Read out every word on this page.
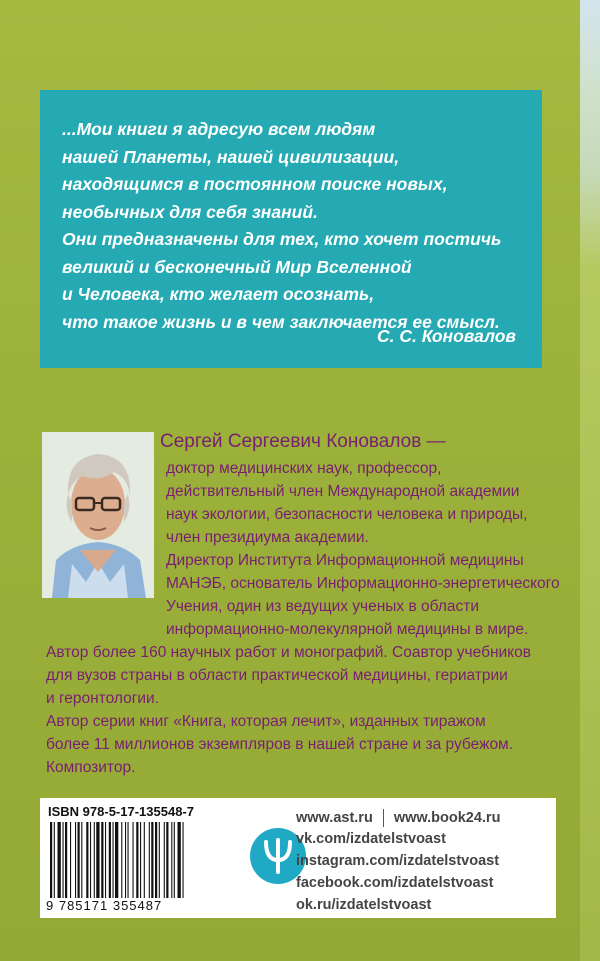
...Мои книги я адресую всем людям
нашей Планеты, нашей цивилизации,
находящимся в постоянном поиске новых,
необычных для себя знаний.
Они предназначены для тех, кто хочет постичь
великий и бесконечный Мир Вселенной
и Человека, кто желает осознать,
что такое жизнь и в чем заключается ее смысл.

С. С. Коновалов
Сергей Сергеевич Коновалов —
доктор медицинских наук, профессор,
действительный член Международной академии
наук экологии, безопасности человека и природы,
член президиума академии.
Директор Института Информационной медицины
МАНЭБ, основатель Информационно-энергетического
Учения, один из ведущих ученых в области
информационно-молекулярной медицины в мире.
Автор более 160 научных работ и монографий. Соавтор учебников
для вузов страны в области практической медицины, гериатрии
и геронтологии.
Автор серии книг «Книга, которая лечит», изданных тиражом
более 11 миллионов экземпляров в нашей стране и за рубежом.
Композитор.
ISBN 978-5-17-135548-7
9 785171 355487
www.ast.ru www.book24.ru
vk.com/izdatelstvoast
instagram.com/izdatelstvoast
facebook.com/izdatelstvoast
ok.ru/izdatelstvoast
